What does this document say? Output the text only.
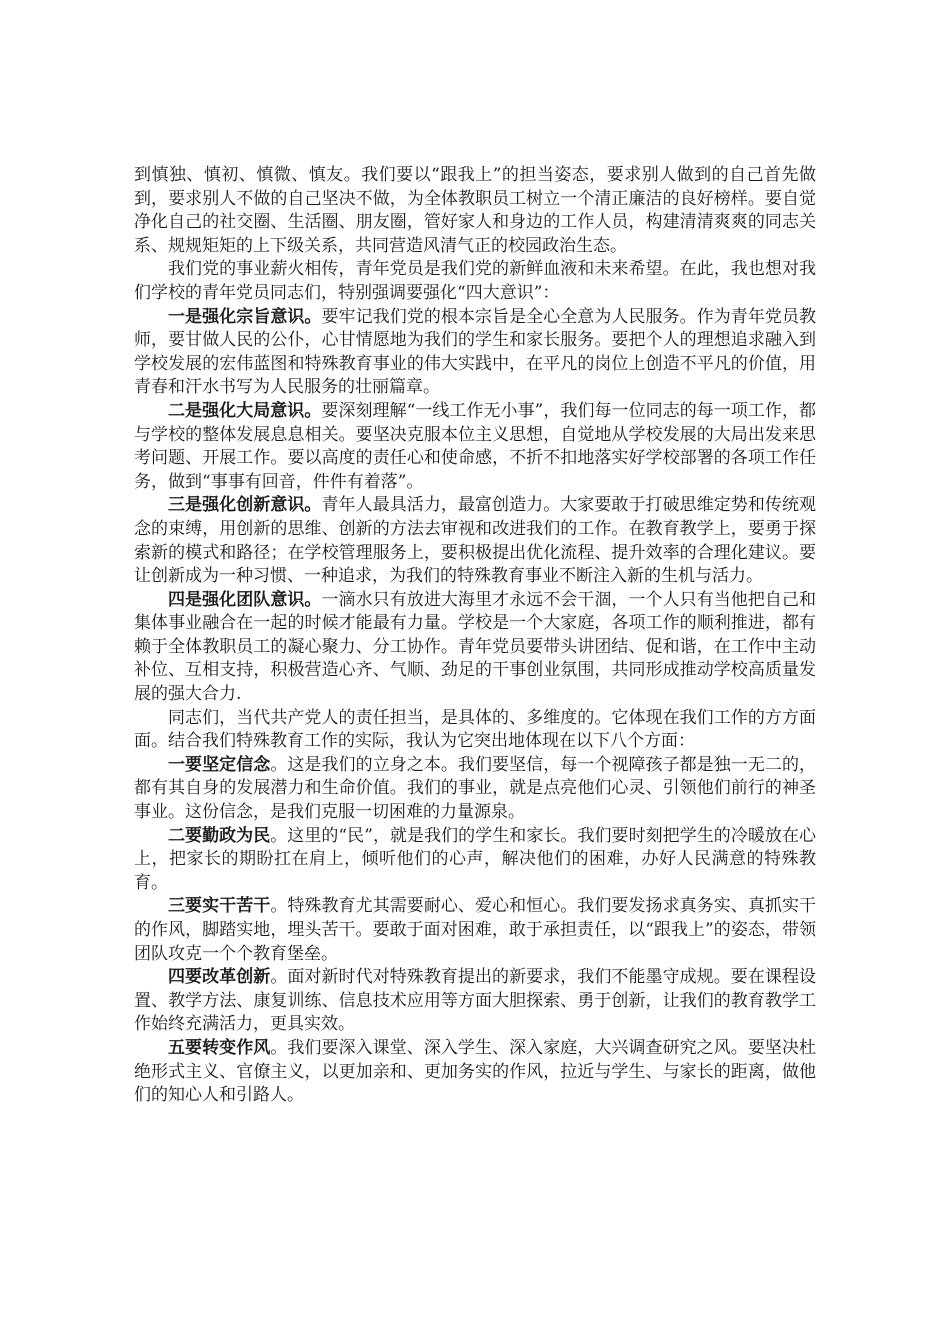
到慎独、慎初、慎微、慎友。我们要以“跟我上”的担当姿态，要求别人做到的自己首先做到，要求别人不做的自己坚决不做，为全体教职员工树立一个清正廉洁的良好榜样。要自觉净化自己的社交圈、生活圈、朋友圈，管好家人和身边的工作人员，构建清清爽爽的同志关系、规规矩矩的上下级关系，共同营造风清气正的校园政治生态。

我们党的事业薪火相传，青年党员是我们党的新鲜血液和未来希望。在此，我也想对我们学校的青年党员同志们，特别强调要强化“四大意识”：

一是强化宗旨意识。要牢记我们党的根本宗旨是全心全意为人民服务。作为青年党员教师，要甘做人民的公仆，心甘情愿地为我们的学生和家长服务。要把个人的理想追求融入到学校发展的宏伟蓝图和特殊教育事业的伟大实践中，在平凡的岗位上创造不平凡的价值，用青春和汗水书写为人民服务的壮丽篇章。

二是强化大局意识。要深刻理解“一线工作无小事”，我们每一位同志的每一项工作，都与学校的整体发展息息相关。要坚决克服本位主义思想，自觉地从学校发展的大局出发来思考问题、开展工作。要以高度的责任心和使命感，不折不扣地落实好学校部署的各项工作任务，做到“事事有回音，件件有着落”。

三是强化创新意识。青年人最具活力，最富创造力。大家要敢于打破思维定势和传统观念的束缚，用创新的思维、创新的方法去审视和改进我们的工作。在教育教学上，要勇于探索新的模式和路径；在学校管理服务上，要积极提出优化流程、提升效率的合理化建议。要让创新成为一种习惯、一种追求，为我们的特殊教育事业不断注入新的生机与活力。

四是强化团队意识。一滴水只有放进大海里才永远不会干涸，一个人只有当他把自己和集体事业融合在一起的时候才能最有力量。学校是一个大家庭，各项工作的顺利推进，都有赖于全体教职员工的凝心聚力、分工协作。青年党员要带头讲团结、促和谐，在工作中主动补位、互相支持，积极营造心齐、气顺、劲足的干事创业氛围，共同形成推动学校高质量发展的强大合力.

同志们，当代共产党人的责任担当，是具体的、多维度的。它体现在我们工作的方方面面。结合我们特殊教育工作的实际，我认为它突出地体现在以下八个方面：

一要坚定信念。这是我们的立身之本。我们要坚信，每一个视障孩子都是独一无二的，都有其自身的发展潜力和生命价值。我们的事业，就是点亮他们心灵、引领他们前行的神圣事业。这份信念，是我们克服一切困难的力量源泉。

二要勤政为民。这里的“民”，就是我们的学生和家长。我们要时刻把学生的冷暖放在心上，把家长的期盼扛在肩上，倾听他们的心声，解决他们的困难，办好人民满意的特殊教育。

三要实干苦干。特殊教育尤其需要耐心、爱心和恒心。我们要发扬求真务实、真抓实干的作风，脚踏实地，埋头苦干。要敢于面对困难，敢于承担责任，以“跟我上”的姿态，带领团队攻克一个个教育堡垒。

四要改革创新。面对新时代对特殊教育提出的新要求，我们不能墨守成规。要在课程设置、教学方法、康复训练、信息技术应用等方面大胆探索、勇于创新，让我们的教育教学工作始终充满活力，更具实效。

五要转变作风。我们要深入课堂、深入学生、深入家庭，大兴调查研究之风。要坚决杜绝形式主义、官僚主义，以更加亲和、更加务实的作风，拉近与学生、与家长的距离，做他们的知心人和引路人。
